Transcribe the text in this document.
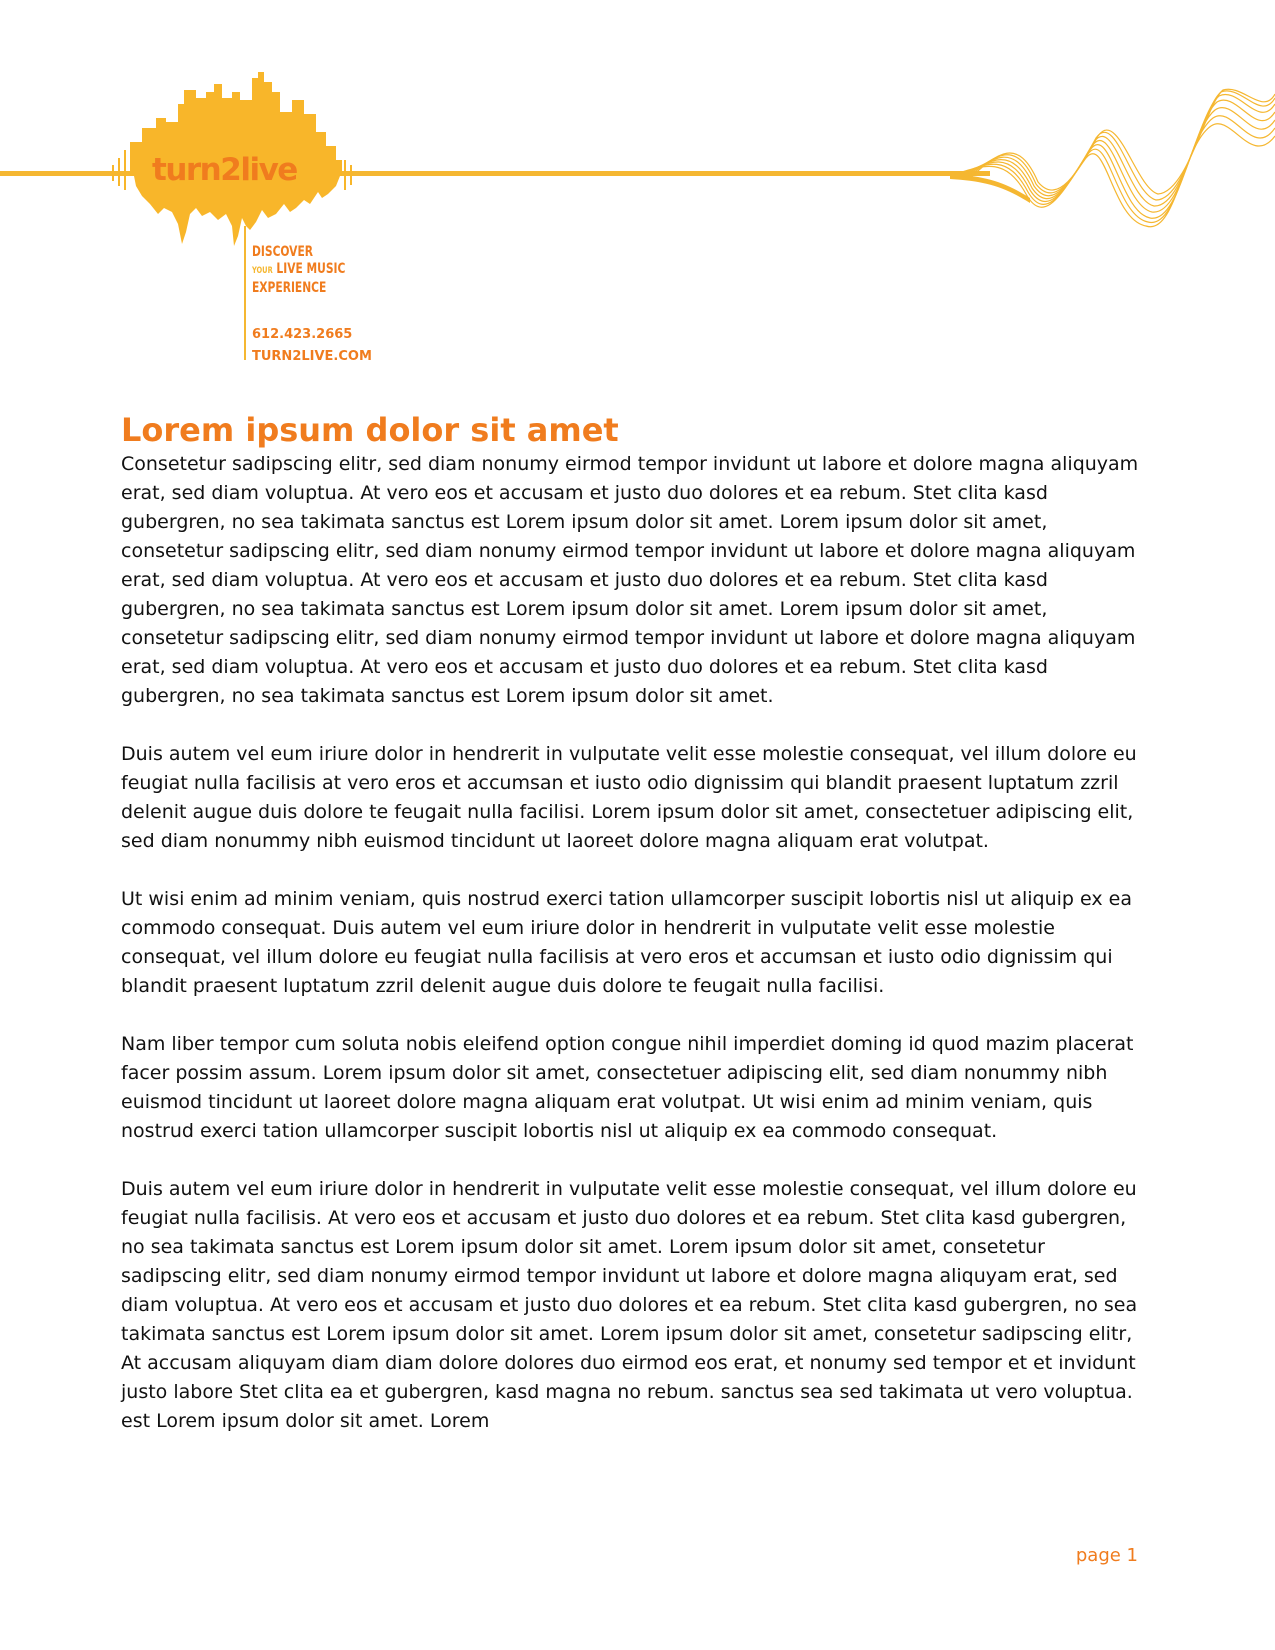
turn2live
DISCOVER
YOUR LIVE MUSIC
EXPERIENCE
612.423.2665
TURN2LIVE.COM
Lorem ipsum dolor sit amet

Consetetur sadipscing elitr, sed diam nonumy eirmod tempor invidunt ut labore et dolore magna aliquyam erat, sed diam voluptua. At vero eos et accusam et justo duo dolores et ea rebum. Stet clita kasd gubergren, no sea takimata sanctus est Lorem ipsum dolor sit amet. Lorem ipsum dolor sit amet, consetetur sadipscing elitr, sed diam nonumy eirmod tempor invidunt ut labore et dolore magna aliquyam erat, sed diam voluptua. At vero eos et accusam et justo duo dolores et ea rebum. Stet clita kasd gubergren, no sea takimata sanctus est Lorem ipsum dolor sit amet. Lorem ipsum dolor sit amet, consetetur sadipscing elitr, sed diam nonumy eirmod tempor invidunt ut labore et dolore magna aliquyam erat, sed diam voluptua. At vero eos et accusam et justo duo dolores et ea rebum. Stet clita kasd gubergren, no sea takimata sanctus est Lorem ipsum dolor sit amet.

Duis autem vel eum iriure dolor in hendrerit in vulputate velit esse molestie consequat, vel illum dolore eu feugiat nulla facilisis at vero eros et accumsan et iusto odio dignissim qui blandit praesent luptatum zzril delenit augue duis dolore te feugait nulla facilisi. Lorem ipsum dolor sit amet, consectetuer adipiscing elit, sed diam nonummy nibh euismod tincidunt ut laoreet dolore magna aliquam erat volutpat.

Ut wisi enim ad minim veniam, quis nostrud exerci tation ullamcorper suscipit lobortis nisl ut aliquip ex ea commodo consequat. Duis autem vel eum iriure dolor in hendrerit in vulputate velit esse molestie consequat, vel illum dolore eu feugiat nulla facilisis at vero eros et accumsan et iusto odio dignissim qui blandit praesent luptatum zzril delenit augue duis dolore te feugait nulla facilisi.

Nam liber tempor cum soluta nobis eleifend option congue nihil imperdiet doming id quod mazim placerat facer possim assum. Lorem ipsum dolor sit amet, consectetuer adipiscing elit, sed diam nonummy nibh euismod tincidunt ut laoreet dolore magna aliquam erat volutpat. Ut wisi enim ad minim veniam, quis nostrud exerci tation ullamcorper suscipit lobortis nisl ut aliquip ex ea commodo consequat.

Duis autem vel eum iriure dolor in hendrerit in vulputate velit esse molestie consequat, vel illum dolore eu feugiat nulla facilisis. At vero eos et accusam et justo duo dolores et ea rebum. Stet clita kasd gubergren, no sea takimata sanctus est Lorem ipsum dolor sit amet. Lorem ipsum dolor sit amet, consetetur sadipscing elitr, sed diam nonumy eirmod tempor invidunt ut labore et dolore magna aliquyam erat, sed diam voluptua. At vero eos et accusam et justo duo dolores et ea rebum. Stet clita kasd gubergren, no sea takimata sanctus est Lorem ipsum dolor sit amet. Lorem ipsum dolor sit amet, consetetur sadipscing elitr, At accusam aliquyam diam diam dolore dolores duo eirmod eos erat, et nonumy sed tempor et et invidunt justo labore Stet clita ea et gubergren, kasd magna no rebum. sanctus sea sed takimata ut vero voluptua. est Lorem ipsum dolor sit amet. Lorem

page 1
